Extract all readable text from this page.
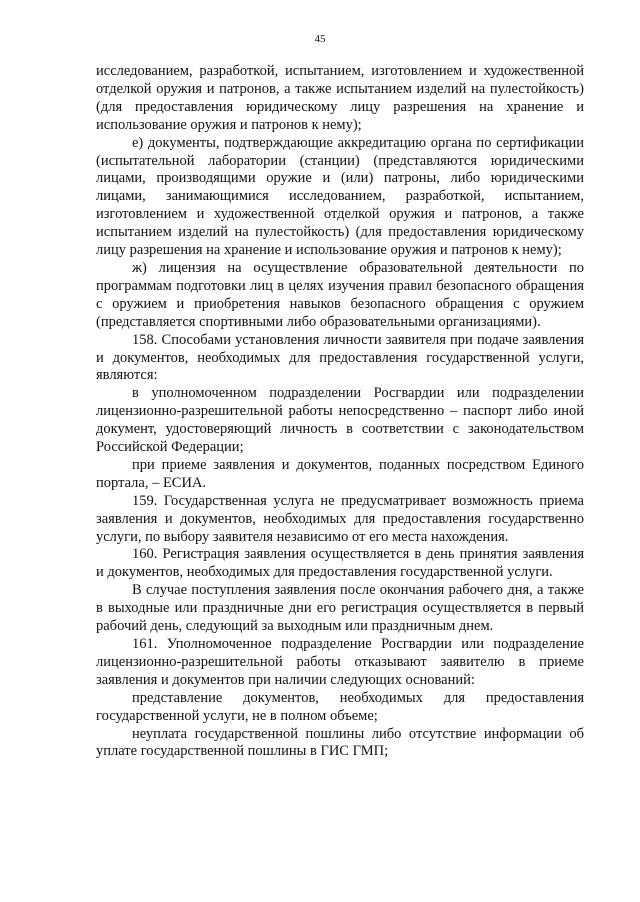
45

исследованием, разработкой, испытанием, изготовлением и художественной отделкой оружия и патронов, а также испытанием изделий на пулестойкость) (для предоставления юридическому лицу разрешения на хранение и использование оружия и патронов к нему);

е) документы, подтверждающие аккредитацию органа по сертификации (испытательной лаборатории (станции) (представляются юридическими лицами, производящими оружие и (или) патроны, либо юридическими лицами, занимающимися исследованием, разработкой, испытанием, изготовлением и художественной отделкой оружия и патронов, а также испытанием изделий на пулестойкость) (для предоставления юридическому лицу разрешения на хранение и использование оружия и патронов к нему);

ж) лицензия на осуществление образовательной деятельности по программам подготовки лиц в целях изучения правил безопасного обращения с оружием и приобретения навыков безопасного обращения с оружием (представляется спортивными либо образовательными организациями).

158. Способами установления личности заявителя при подаче заявления и документов, необходимых для предоставления государственной услуги, являются:

в уполномоченном подразделении Росгвардии или подразделении лицензионно-разрешительной работы непосредственно – паспорт либо иной документ, удостоверяющий личность в соответствии с законодательством Российской Федерации;

при приеме заявления и документов, поданных посредством Единого портала, – ЕСИА.

159. Государственная услуга не предусматривает возможность приема заявления и документов, необходимых для предоставления государственно услуги, по выбору заявителя независимо от его места нахождения.

160. Регистрация заявления осуществляется в день принятия заявления и документов, необходимых для предоставления государственной услуги.

В случае поступления заявления после окончания рабочего дня, а также в выходные или праздничные дни его регистрация осуществляется в первый рабочий день, следующий за выходным или праздничным днем.

161. Уполномоченное подразделение Росгвардии или подразделение лицензионно-разрешительной работы отказывают заявителю в приеме заявления и документов при наличии следующих оснований:

представление документов, необходимых для предоставления государственной услуги, не в полном объеме;

неуплата государственной пошлины либо отсутствие информации об уплате государственной пошлины в ГИС ГМП;
